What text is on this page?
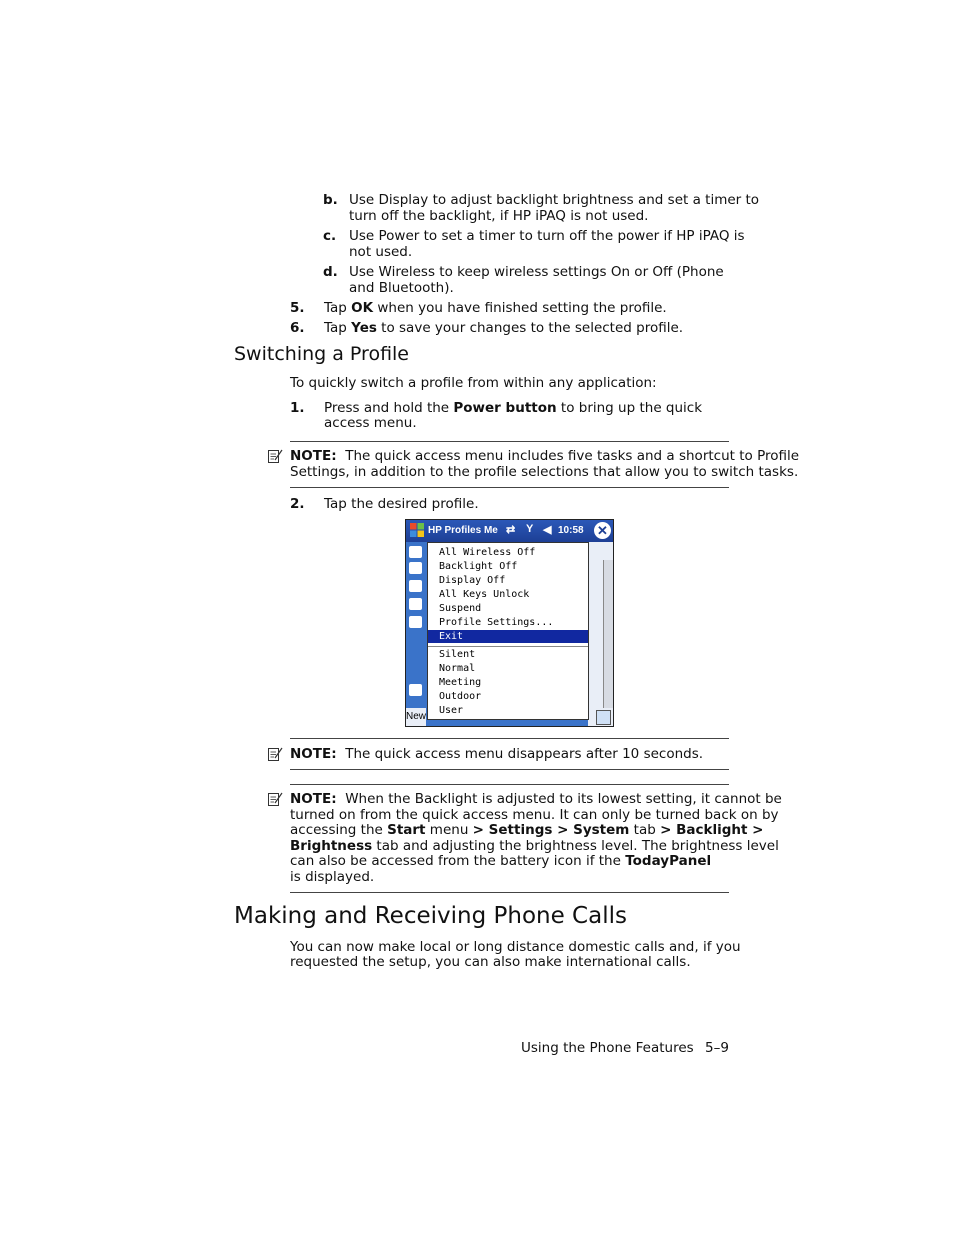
b. Use Display to adjust backlight brightness and set a timer to
turn off the backlight, if HP iPAQ is not used.
c. Use Power to set a timer to turn off the power if HP iPAQ is
not used.
d. Use Wireless to keep wireless settings On or Off (Phone
and Bluetooth).
5. Tap OK when you have finished setting the profile.
6. Tap Yes to save your changes to the selected profile.
Switching a Profile
To quickly switch a profile from within any application:
1. Press and hold the Power button to bring up the quick
access menu.
NOTE: The quick access menu includes five tasks and a shortcut to Profile
Settings, in addition to the profile selections that allow you to switch tasks.
2. Tap the desired profile.
HP Profiles Me ⇄ Y ◀ 10:58 ✕
All Wireless Off
Backlight Off
Display Off
All Keys Unlock
Suspend
Profile Settings...
Exit
Silent
Normal
Meeting
Outdoor
User
New
NOTE: The quick access menu disappears after 10 seconds.
NOTE: When the Backlight is adjusted to its lowest setting, it cannot be
turned on from the quick access menu. It can only be turned back on by
accessing the Start menu > Settings > System tab > Backlight >
Brightness tab and adjusting the brightness level. The brightness level
can also be accessed from the battery icon if the TodayPanel
is displayed.
Making and Receiving Phone Calls
You can now make local or long distance domestic calls and, if you
requested the setup, you can also make international calls.
Using the Phone Features 5–9
